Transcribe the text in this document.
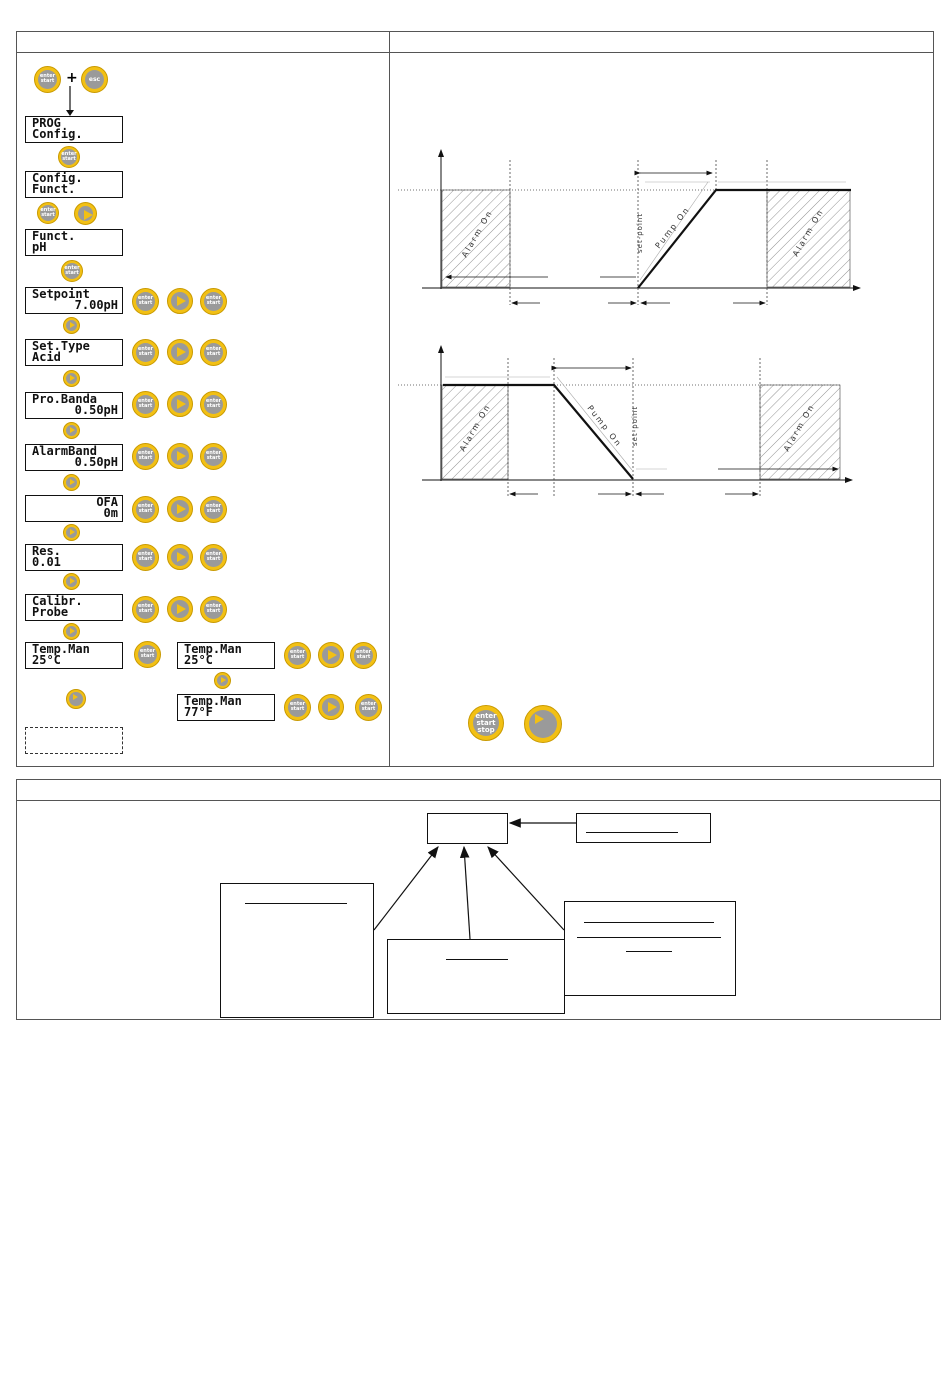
enter
start +	esc
PROG
Config.
enter
start
Config.
Funct.
enter
start
Funct.
pH
enter
start
Setpoint
7.00pH	enter
start
enter
start
Set.Type
Acid
enter
start
enter
start
Pro.Banda
0.50pH
enter
start
enter
start
AlarmBand
0.50pH
enter
start
enter
start
OFA
0m	enter
start
enter
start
Res.
0.01
enter
start
enter
start
Calibr.
Probe	enter
start
enter
start
Temp.Man
25°C
enter
start	Temp.Man
25°C
enter
start
enter
start
Temp.Man
77°F
enter
start
enter
start
Alarm On	Alarm On
Pump On
set-point
Alarm On	Alarm On
Pump On set-point
enter
start
stop
